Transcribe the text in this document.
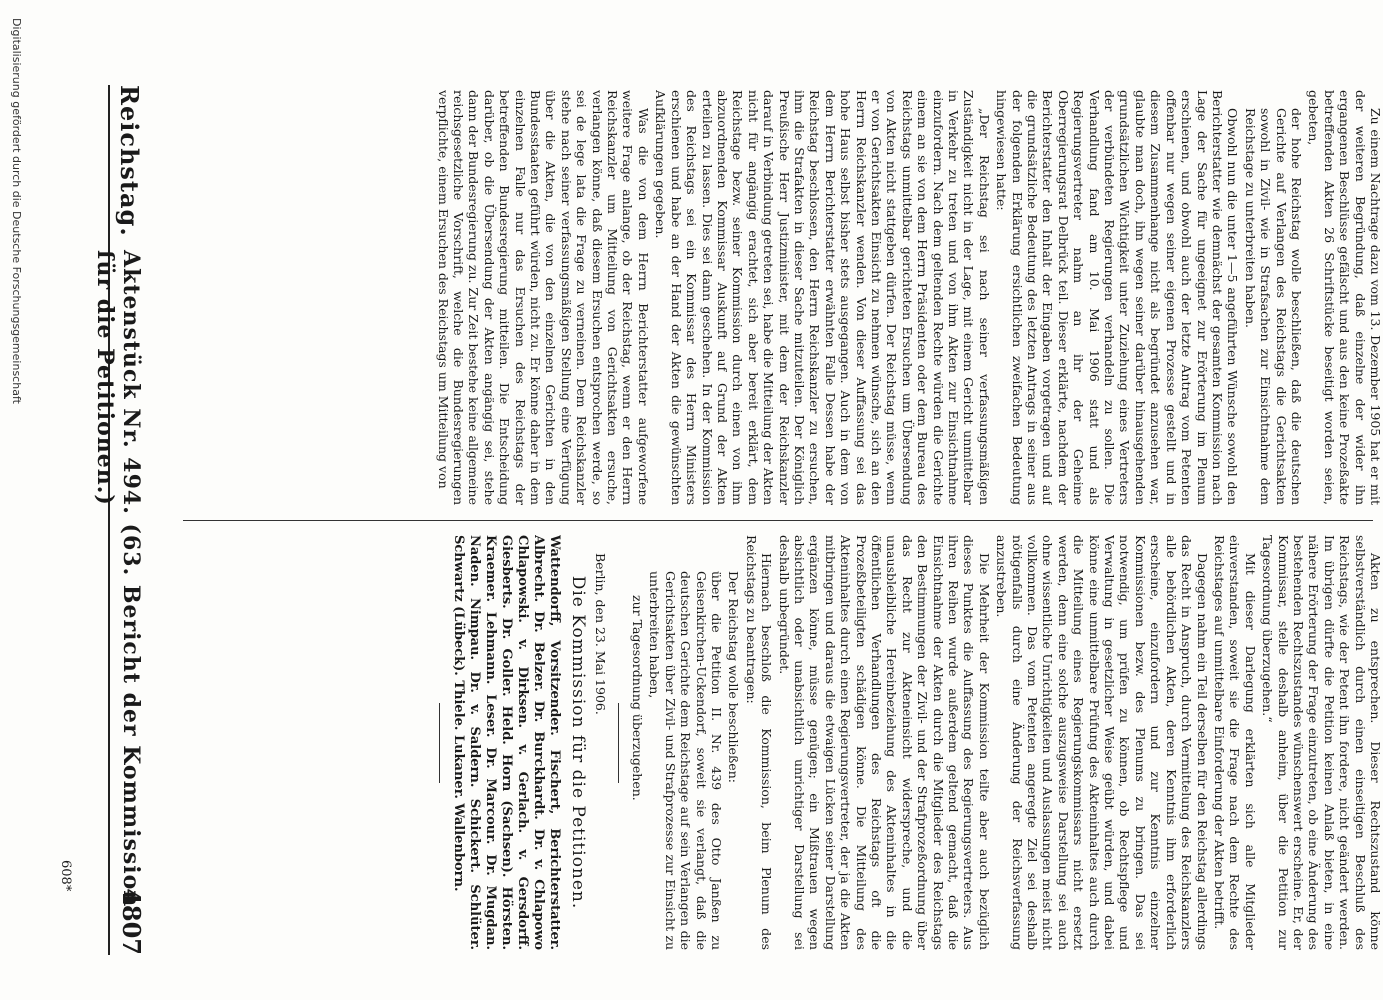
Reichstag.
Aktenstück Nr. 494. (63. Bericht der Kommission für die Petitionen.)
4807

Zu einem Nachtrage dazu vom 13. Dezember 1905 hat er mit der weiteren Begründung, daß einzelne der wider ihn ergangenen Beschlüsse gefälscht und aus den keine Prozeßakte betreffenden Akten 26 Schriftstücke beseitigt worden seien, gebeten,

der hohe Reichstag wolle beschließen, daß die deutschen Gerichte auf Verlangen des Reichstags die Gerichtsakten sowohl in Zivil- wie in Strafsachen zur Einsichtnahme dem Reichstage zu unterbreiten haben.

Obwohl nun die unter 1—5 angeführten Wünsche sowohl den Berichterstatter wie demnächst der gesamten Kommission nach Lage der Sache für ungeeignet zur Erörterung im Plenum erschienen, und obwohl auch der letzte Antrag vom Petenten offenbar nur wegen seiner eigenen Prozesse gestellt und in diesem Zusammenhange nicht als begründet anzusehen war, glaubte man doch, ihn wegen seiner darüber hinausgehenden grundsätzlichen Wichtigkeit unter Zuziehung eines Vertreters der verbündeten Regierungen verhandeln zu sollen. Die Verhandlung fand am 10. Mai 1906 statt und als Regierungsvertreter nahm an ihr der Geheime Oberregierungsrat Delbrück teil. Dieser erklärte, nachdem der Berichterstatter den Inhalt der Eingaben vorgetragen und auf die grundsätzliche Bedeutung des letzten Antrags in seiner aus der folgenden Erklärung ersichtlichen zweifachen Bedeutung hingewiesen hatte:

„Der Reichstag sei nach seiner verfassungsmäßigen Zuständigkeit nicht in der Lage, mit einem Gericht unmittelbar in Verkehr zu treten und von ihm Akten zur Einsichtnahme einzufordern. Nach dem geltenden Rechte würden die Gerichte einem an sie von dem Herrn Präsidenten oder dem Bureau des Reichstags unmittelbar gerichteten Ersuchen um Übersendung von Akten nicht stattgeben dürfen. Der Reichstag müsse, wenn er von Gerichtsakten Einsicht zu nehmen wünsche, sich an den Herrn Reichskanzler wenden. Von dieser Auffassung sei das hohe Haus selbst bisher stets ausgegangen. Auch in dem von dem Herrn Berichterstatter erwähnten Falle Dessen habe der Reichstag beschlossen, den Herrn Reichskanzler zu ersuchen, ihm die Strafakten in dieser Sache mitzuteilen. Der Königlich Preußische Herr Justizminister, mit dem der Reichskanzler darauf in Verbindung getreten sei, habe die Mitteilung der Akten nicht für angängig erachtet, sich aber bereit erklärt, dem Reichstage bezw. seiner Kommission durch einen von ihm abzuordnenden Kommissar Auskunft auf Grund der Akten erteilen zu lassen. Dies sei dann geschehen. In der Kommission des Reichstags sei ein Kommissar des Herrn Ministers erschienen und habe an der Hand der Akten die gewünschten Aufklärungen gegeben.

Was die von dem Herrn Berichterstatter aufgeworfene weitere Frage anlange, ob der Reichstag, wenn er den Herrn Reichskanzler um Mitteilung von Gerichtsakten ersuche, verlangen könne, daß diesem Ersuchen entsprochen werde, so sei de lege lata die Frage zu verneinen. Dem Reichskanzler stehe nach seiner verfassungsmäßigen Stellung eine Verfügung über die Akten, die von den einzelnen Gerichten in den Bundesstaaten geführt würden, nicht zu. Er könne daher in dem einzelnen Falle nur das Ersuchen des Reichstags der betreffenden Bundesregierung mitteilen. Die Entscheidung darüber, ob die Übersendung der Akten angängig sei, stehe dann der Bundesregierung zu. Zur Zeit bestehe keine allgemeine reichsgesetzliche Vorschrift, welche die Bundesregierungen verpflichte, einem Ersuchen des Reichstags um Mitteilung von

Akten zu entsprechen. Dieser Rechtszustand könne selbstverständlich durch einen einseitigen Beschluß des Reichstags, wie der Petent ihn fordere, nicht geändert werden. Im übrigen dürfte die Petition keinen Anlaß bieten, in eine nähere Erörterung der Frage einzutreten, ob eine Änderung des bestehenden Rechtszustandes wünschenswert erscheine. Er, der Kommissar, stelle deshalb anheim, über die Petition zur Tagesordnung überzugehen.“

Mit dieser Darlegung erklärten sich alle Mitglieder einverstanden, soweit sie die Frage nach dem Rechte des Reichstages auf unmittelbare Einforderung der Akten betrifft.

Dagegen nahm ein Teil derselben für den Reichstag allerdings das Recht in Anspruch, durch Vermittelung des Reichskanzlers alle behördlichen Akten, deren Kenntnis ihm erforderlich erscheine, einzufordern und zur Kenntnis einzelner Kommissionen bezw. des Plenums zu bringen. Das sei notwendig, um prüfen zu können, ob Rechtspflege und Verwaltung in gesetzlicher Weise geübt würden, und dabei könne eine unmittelbare Prüfung des Akteninhaltes auch durch die Mitteilung eines Regierungskommissars nicht ersetzt werden, denn eine solche auszugsweise Darstellung sei auch ohne wissentliche Unrichtigkeiten und Auslassungen meist nicht vollkommen. Das vom Petenten angeregte Ziel sei deshalb nötigenfalls durch eine Änderung der Reichsverfassung anzustreben.

Die Mehrheit der Kommission teilte aber auch bezüglich dieses Punktes die Auffassung des Regierungsvertreters. Aus ihren Reihen wurde außerdem geltend gemacht, daß die Einsichtnahme der Akten durch die Mitglieder des Reichstags den Bestimmungen der Zivil- und der Strafprozeßordnung über das Recht zur Akteneinsicht widerspreche, und die unausbleibliche Hereinbeziehung des Akteninhaltes in die öffentlichen Verhandlungen des Reichstags oft die Prozeßbeteiligten schädigen könne. Die Mitteilung des Akteninhaltes durch einen Regierungsvertreter, der ja die Akten mitbringen und daraus die etwaigen Lücken seiner Darstellung ergänzen könne, müsse genügen; ein Mißtrauen wegen absichtlich oder unabsichtlich unrichtiger Darstellung sei deshalb unbegründet.

Hiernach beschloß die Kommission, beim Plenum des Reichstags zu beantragen:

Der Reichstag wolle beschließen:

über die Petition II. Nr. 439 des Otto Janßen zu Geisenkirchen-Uckendorf, soweit sie verlangt, daß die deutschen Gerichte dem Reichstage auf sein Verlangen die Gerichtsakten über Zivil- und Strafprozesse zur Einsicht zu unterbreiten haben,

zur Tagesordnung überzugehen.

Berlin, den 23. Mai 1906.

Die Kommission für die Petitionen.

Wattendorff, Vorsitzender. Fischert, Berichterstatter. Albrecht. Dr. Belzer. Dr. Burckhardt. Dr. v. Chlapowo Chlapowski. v. Dirksen. v. Gerlach. v. Gersdorff. Giesberts. Dr. Goller. Held. Horn (Sachsen). Hörsten. Kraemer. Lehmann. Leser. Dr. Marcour. Dr. Mugdan. Naden. Nimpau. Dr. v. Saldern. Schickert. Schlüter. Schwartz (Lübeck). Thiele. Lukaner. Wallenborn.

608*
Digitalisierung gefördert durch die Deutsche Forschungsgemeinschaft
